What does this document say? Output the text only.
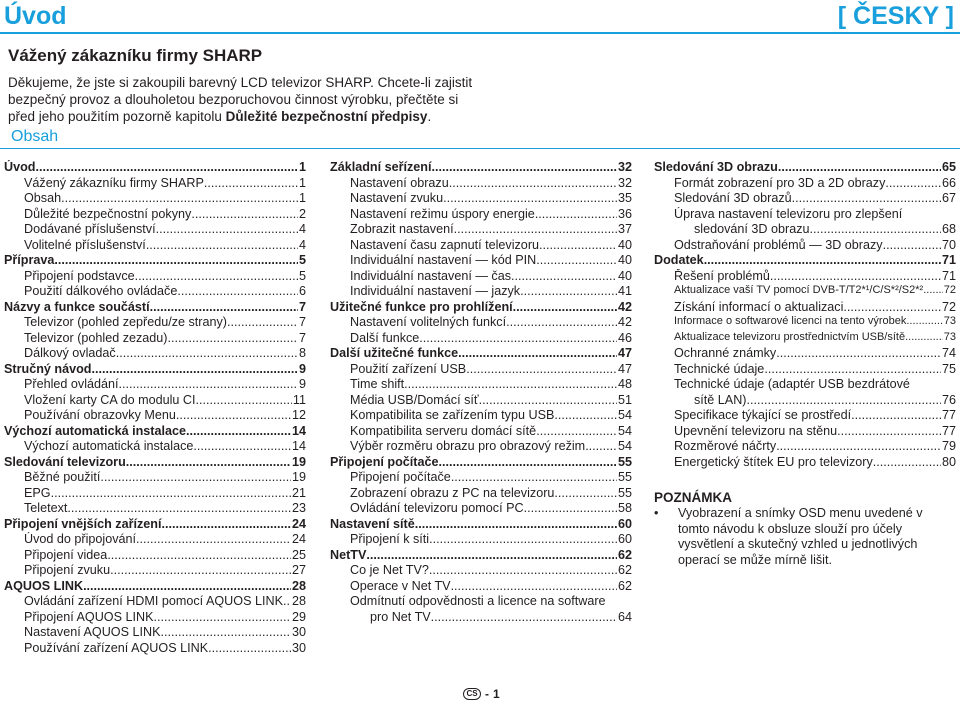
Úvod	[ ČESKY ]
Vážený zákazníku firmy SHARP
Děkujeme, že jste si zakoupili barevný LCD televizor SHARP. Chcete-li zajistit bezpečný provoz a dlouholetou bezporuchovou činnost výrobku, přečtěte si před jeho použitím pozorně kapitolu Důležité bezpečnostní předpisy.
Obsah
Úvod .....	1
Vážený zákazníku firmy SHARP .....	1
Obsah .....	1
Důležité bezpečnostní pokyny .....	2
Dodávané příslušenství .....	4
Volitelné příslušenství .....	4
Příprava .....	5
Připojení podstavce .....	5
Použití dálkového ovládače .....	6
Názvy a funkce součástí .....	7
Televizor (pohled zepředu/ze strany) .....	7
Televizor (pohled zezadu) .....	7
Dálkový ovladač .....	8
Stručný návod .....	9
Přehled ovládání .....	9
Vložení karty CA do modulu CI .....	11
Používání obrazovky Menu .....	12
Výchozí automatická instalace .....	14
Výchozí automatická instalace .....	14
Sledování televizoru .....	19
Běžné použití .....	19
EPG .....	21
Teletext .....	23
Připojení vnějších zařízení .....	24
Úvod do připojování .....	24
Připojení videa .....	25
Připojení zvuku .....	27
AQUOS LINK .....	28
Ovládání zařízení HDMI pomocí AQUOS LINK ..... 28
Připojení AQUOS LINK .....	29
Nastavení AQUOS LINK .....	30
Používání zařízení AQUOS LINK .....	30
Základní seřízení .....	32
Nastavení obrazu .....	32
Nastavení zvuku .....	35
Nastavení režimu úspory energie .....	36
Zobrazit nastavení .....	37
Nastavení času zapnutí televizoru .....	40
Individuální nastavení — kód PIN .....	40
Individuální nastavení — čas .....	40
Individuální nastavení — jazyk .....	41
Užitečné funkce pro prohlížení .....	42
Nastavení volitelných funkcí .....	42
Další funkce .....	46
Další užitečné funkce .....	47
Použití zařízení USB .....	47
Time shift .....	48
Média USB/Domácí síť .....	51
Kompatibilita se zařízením typu USB .....	54
Kompatibilita serveru domácí sítě .....	54
Výběr rozměru obrazu pro obrazový režim .....	54
Připojení počítače .....	55
Připojení počítače .....	55
Zobrazení obrazu z PC na televizoru .....	55
Ovládání televizoru pomocí PC .....	58
Nastavení sítě .....	60
Připojení k síti .....	60
NetTV .....	62
Co je Net TV? .....	62
Operace v Net TV .....	62
Odmítnutí odpovědnosti a licence na software
pro Net TV .....	64
Sledování 3D obrazu .....	65
Formát zobrazení pro 3D a 2D obrazy .....	66
Sledování 3D obrazů .....	67
Úprava nastavení televizoru pro zlepšení
sledování 3D obrazu .....	68
Odstraňování problémů — 3D obrazy .....	70
Dodatek .....	71
Řešení problémů .....	71
Aktualizace vaší TV pomocí DVB-T/T2*¹/C/S*²/S2*² ..... 72
Získání informací o aktualizaci .....	72
Informace o softwarové licenci na tento výrobek .....	73
Aktualizace televizoru prostřednictvím USB/sítě .....	73
Ochranné známky .....	74
Technické údaje .....	75
Technické údaje (adaptér USB bezdrátové
sítě LAN) .....	76
Specifikace týkající se prostředí .....	77
Upevnění televizoru na stěnu .....	77
Rozměrové náčrty .....	79
Energetický štítek EU pro televizory .....	80
POZNÁMKA
• Vyobrazení a snímky OSD menu uvedené v tomto návodu k obsluze slouží pro účely vysvětlení a skutečný vzhled u jednotlivých operací se může mírně lišit.
CS - 1
